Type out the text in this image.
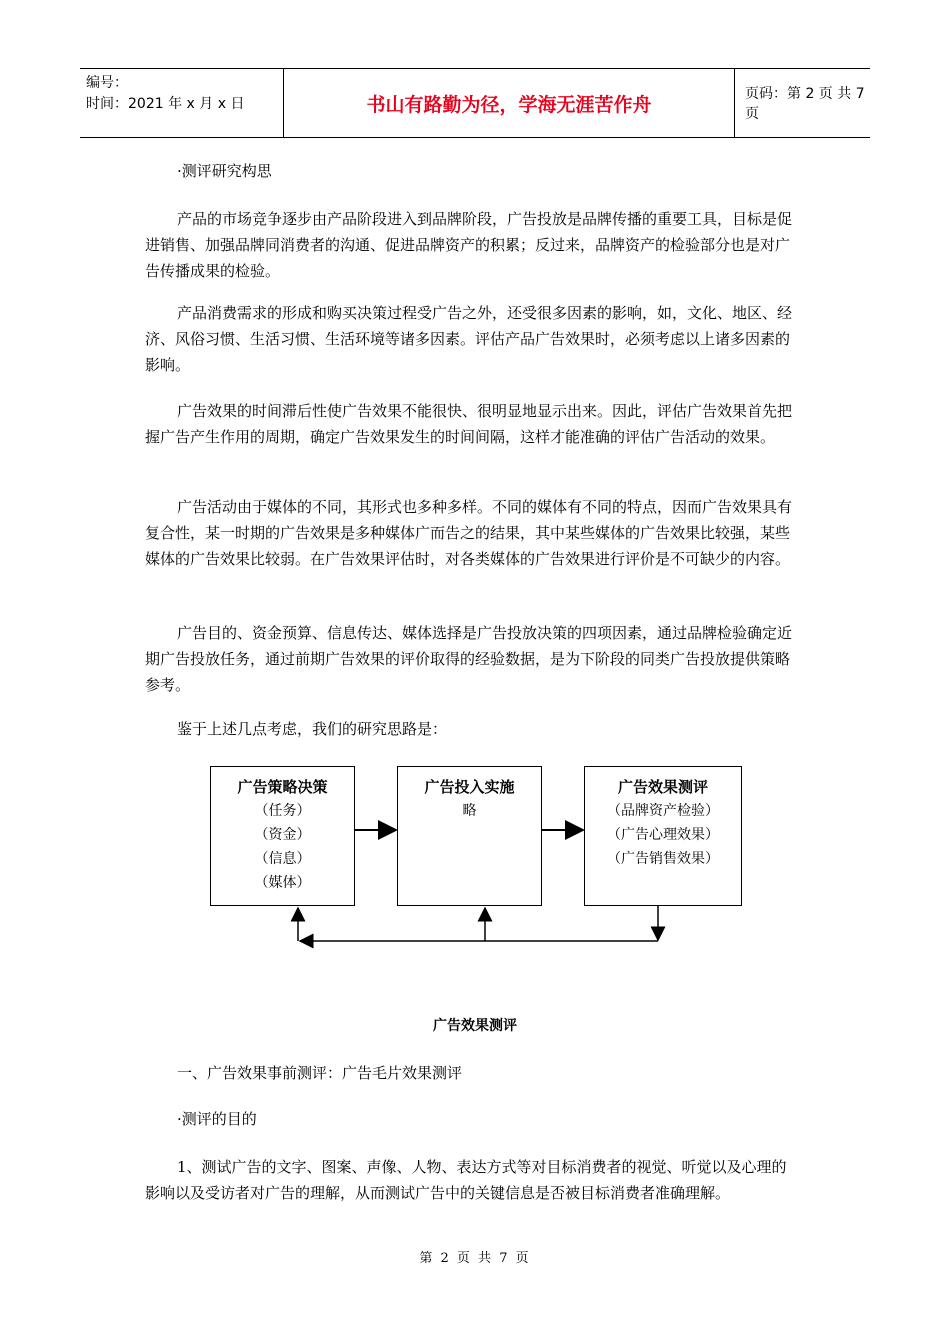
编号：
时间：2021 年 x 月 x 日	书山有路勤为径，学海无涯苦作舟	页码：第 2 页 共 7 页
·测评研究构思

产品的市场竞争逐步由产品阶段进入到品牌阶段，广告投放是品牌传播的重要工具，目标是促进销售、加强品牌同消费者的沟通、促进品牌资产的积累；反过来，品牌资产的检验部分也是对广告传播成果的检验。

产品消费需求的形成和购买决策过程受广告之外，还受很多因素的影响，如，文化、地区、经济、风俗习惯、生活习惯、生活环境等诸多因素。评估产品广告效果时，必须考虑以上诸多因素的影响。

广告效果的时间滞后性使广告效果不能很快、很明显地显示出来。因此，评估广告效果首先把握广告产生作用的周期，确定广告效果发生的时间间隔，这样才能准确的评估广告活动的效果。

广告活动由于媒体的不同，其形式也多种多样。不同的媒体有不同的特点，因而广告效果具有复合性，某一时期的广告效果是多种媒体广而告之的结果，其中某些媒体的广告效果比较强，某些媒体的广告效果比较弱。在广告效果评估时，对各类媒体的广告效果进行评价是不可缺少的内容。

广告目的、资金预算、信息传达、媒体选择是广告投放决策的四项因素，通过品牌检验确定近期广告投放任务，通过前期广告效果的评价取得的经验数据，是为下阶段的同类广告投放提供策略参考。

鉴于上述几点考虑，我们的研究思路是：
广告策略决策
（任务）
（资金）
（信息）
（媒体）
广告投入实施
略
广告效果测评
（品牌资产检验）
（广告心理效果）
（广告销售效果）
广告效果测评
一、广告效果事前测评：广告毛片效果测评
·测评的目的

1、测试广告的文字、图案、声像、人物、表达方式等对目标消费者的视觉、听觉以及心理的影响以及受访者对广告的理解，从而测试广告中的关键信息是否被目标消费者准确理解。

第 2 页 共 7 页
